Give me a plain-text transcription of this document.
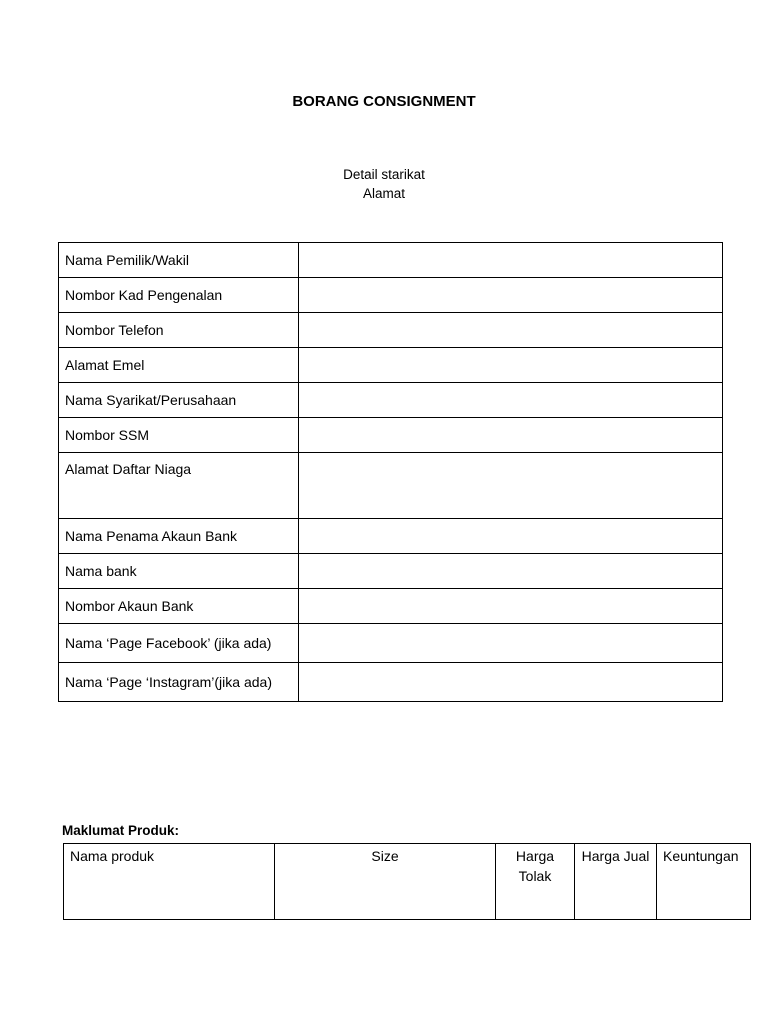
BORANG CONSIGNMENT
Detail starikat
Alamat
Nama Pemilik/Wakil	
Nombor Kad Pengenalan	
Nombor Telefon	
Alamat Emel	
Nama Syarikat/Perusahaan	
Nombor SSM	
Alamat Daftar Niaga	
Nama Penama Akaun Bank	
Nama bank	
Nombor Akaun Bank	
Nama ‘Page Facebook’ (jika ada)	
Nama ‘Page ‘Instagram’(jika ada)	
Maklumat Produk:
Nama produk	Size	Harga Tolak	Harga Jual	Keuntungan
